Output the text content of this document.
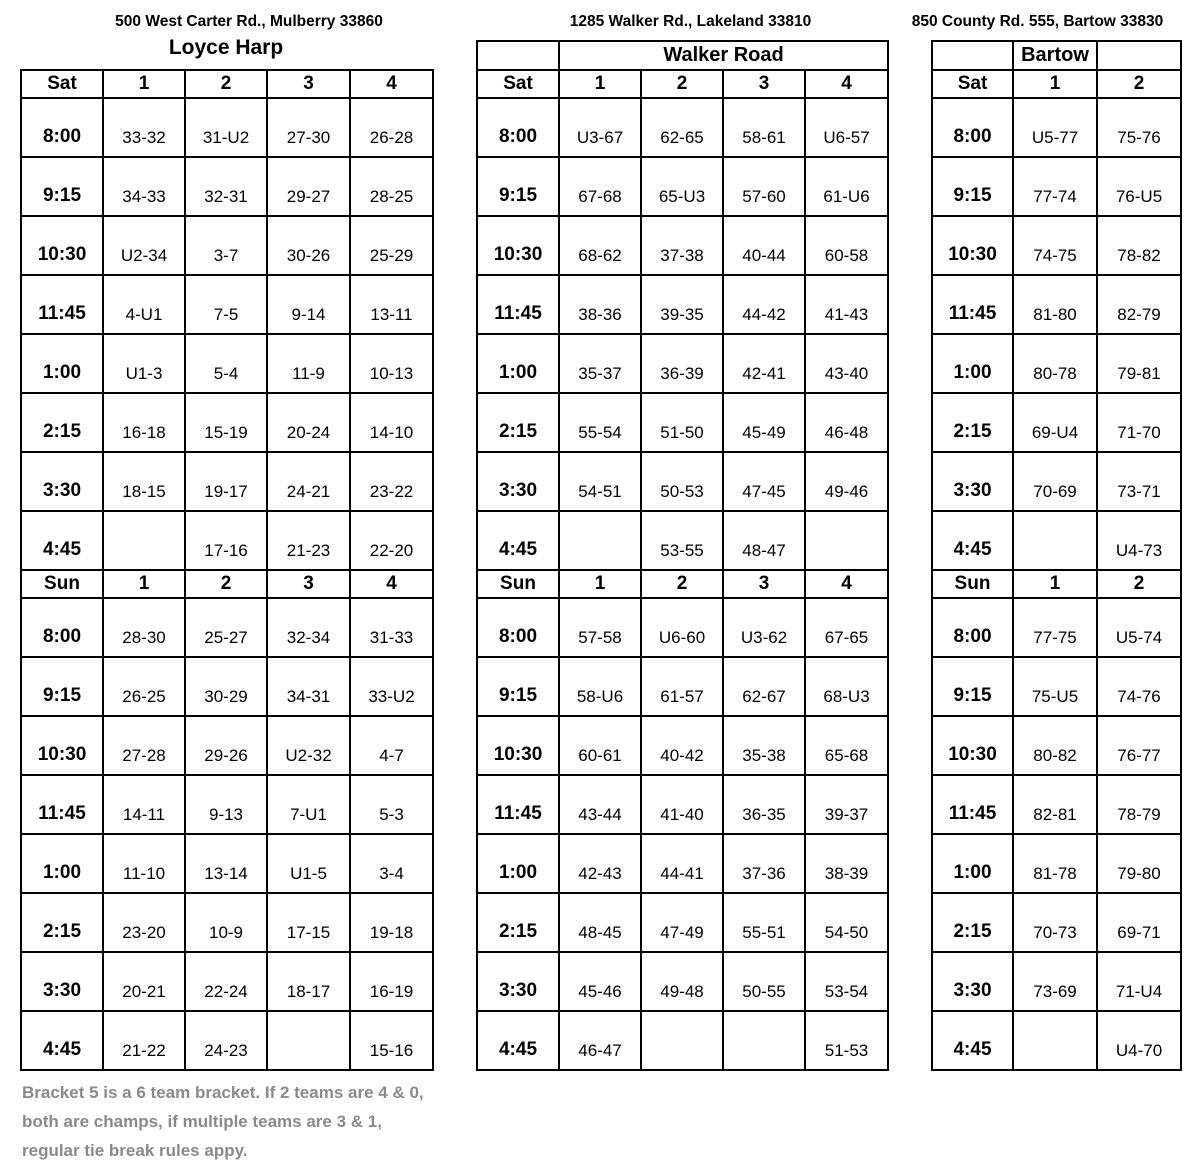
500 West Carter Rd., Mulberry 33860
Loyce Harp
Sat	1	2	3	4
8:00	33-32	31-U2	27-30	26-28
9:15	34-33	32-31	29-27	28-25
10:30	U2-34	3-7	30-26	25-29
11:45	4-U1	7-5	9-14	13-11
1:00	U1-3	5-4	11-9	10-13
2:15	16-18	15-19	20-24	14-10
3:30	18-15	19-17	24-21	23-22
4:45		17-16	21-23	22-20
Sun	1	2	3	4
8:00	28-30	25-27	32-34	31-33
9:15	26-25	30-29	34-31	33-U2
10:30	27-28	29-26	U2-32	4-7
11:45	14-11	9-13	7-U1	5-3
1:00	11-10	13-14	U1-5	3-4
2:15	23-20	10-9	17-15	19-18
3:30	20-21	22-24	18-17	16-19
4:45	21-22	24-23		15-16
1285 Walker Rd., Lakeland 33810
	Walker Road			
Sat	1	2	3	4
8:00	U3-67	62-65	58-61	U6-57
9:15	67-68	65-U3	57-60	61-U6
10:30	68-62	37-38	40-44	60-58
11:45	38-36	39-35	44-42	41-43
1:00	35-37	36-39	42-41	43-40
2:15	55-54	51-50	45-49	46-48
3:30	54-51	50-53	47-45	49-46
4:45		53-55	48-47	
Sun	1	2	3	4
8:00	57-58	U6-60	U3-62	67-65
9:15	58-U6	61-57	62-67	68-U3
10:30	60-61	40-42	35-38	65-68
11:45	43-44	41-40	36-35	39-37
1:00	42-43	44-41	37-36	38-39
2:15	48-45	47-49	55-51	54-50
3:30	45-46	49-48	50-55	53-54
4:45	46-47			51-53
850 County Rd. 555, Bartow 33830
	Bartow	
Sat	1	2
8:00	U5-77	75-76
9:15	77-74	76-U5
10:30	74-75	78-82
11:45	81-80	82-79
1:00	80-78	79-81
2:15	69-U4	71-70
3:30	70-69	73-71
4:45		U4-73
Sun	1	2
8:00	77-75	U5-74
9:15	75-U5	74-76
10:30	80-82	76-77
11:45	82-81	78-79
1:00	81-78	79-80
2:15	70-73	69-71
3:30	73-69	71-U4
4:45		U4-70
Bracket 5 is a 6 team bracket. If 2 teams are 4 & 0,
both are champs, if multiple teams are 3 & 1,
regular tie break rules appy.
